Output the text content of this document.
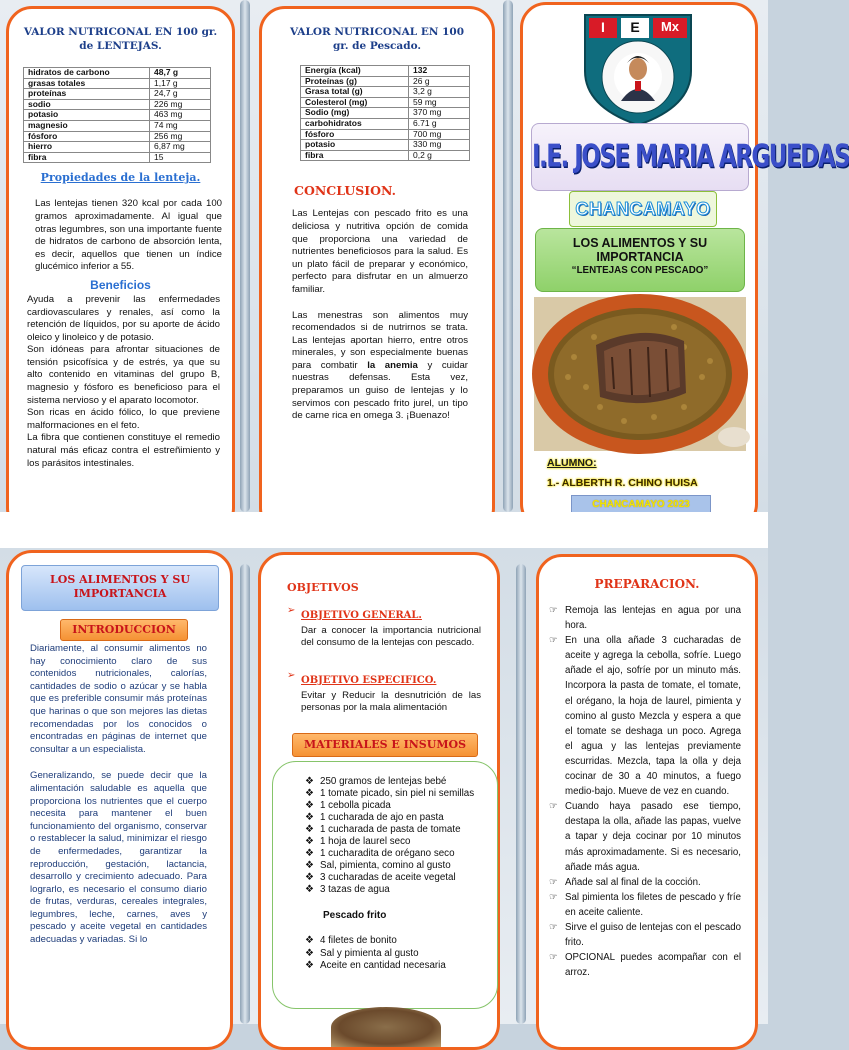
VALOR NUTRICONAL EN 100 gr.
de LENTEJAS.
hidratos de carbono	48,7 g
grasas totales	1,17 g
proteínas	24,7 g
sodio	226 mg
potasio	463 mg
magnesio	74 mg
fósforo	256 mg
hierro	6,87 mg
fibra	15
Propiedades de la lenteja.
Las lentejas tienen 320 kcal por cada 100 gramos aproximadamente. Al igual que otras legumbres, son una importante fuente de hidratos de carbono de absorción lenta, es decir, aquellos que tienen un índice glucémico inferior a 55.
Beneficios
Ayuda a prevenir las enfermedades cardiovasculares y renales, así como la retención de líquidos, por su aporte de ácido oleico y linoleico y de potasio.
Son idóneas para afrontar situaciones de tensión psicofísica y de estrés, ya que su alto contenido en vitaminas del grupo B, magnesio y fósforo es beneficioso para el sistema nervioso y el aparato locomotor.
Son ricas en ácido fólico, lo que previene malformaciones en el feto.
La fibra que contienen constituye el remedio natural más eficaz contra el estreñimiento y los parásitos intestinales.
VALOR NUTRICONAL EN 100
gr. de Pescado.
Energía (kcal)	132
Proteínas (g)	26 g
Grasa total (g)	3,2 g
Colesterol (mg)	59 mg
Sodio (mg)	370 mg
carbohidratos	6.71 g
fósforo	700 mg
potasio	330 mg
fibra	0,2 g
CONCLUSION.
Las Lentejas con pescado frito es una deliciosa y nutritiva opción de comida que proporciona una variedad de nutrientes beneficiosos para la salud. Es un plato fácil de preparar y económico, perfecto para disfrutar en un almuerzo familiar.
Las menestras son alimentos muy recomendados si de nutrirnos se trata. Las lentejas aportan hierro, entre otros minerales, y son especialmente buenas para combatir la anemia y cuidar nuestras defensas. Esta vez, preparamos un guiso de lentejas y lo servimos con pescado frito jurel, un tipo de carne rica en omega 3. ¡Buenazo!
I	E	Mx
I.E. JOSE MARIA ARGUEDAS
CHANCAMAYO
LOS ALIMENTOS Y SU
IMPORTANCIA
“LENTEJAS CON PESCADO”
ALUMNO:
1.- ALBERTH R. CHINO HUISA
CHANCAMAYO 2023
LOS ALIMENTOS Y SU
IMPORTANCIA
INTRODUCCION
Diariamente, al consumir alimentos no hay conocimiento claro de sus contenidos nutricionales, calorías, cantidades de sodio o azúcar y se habla que es preferible consumir más proteínas que harinas o que son mejores las dietas recomendadas por los conocidos o encontradas en páginas de internet que consultar a un especialista.
Generalizando, se puede decir que la alimentación saludable es aquella que proporciona los nutrientes que el cuerpo necesita para mantener el buen funcionamiento del organismo, conservar o restablecer la salud, minimizar el riesgo de enfermedades, garantizar la reproducción, gestación, lactancia, desarrollo y crecimiento adecuado. Para lograrlo, es necesario el consumo diario de frutas, verduras, cereales integrales, legumbres, leche, carnes, aves y pescado y aceite vegetal en cantidades adecuadas y variadas. Si lo
OBJETIVOS
➢ OBJETIVO GENERAL.
Dar a conocer la importancia nutricional del consumo de la lentejas con pescado.
➢ OBJETIVO ESPECIFICO.
Evitar y Reducir la desnutrición de las personas por la mala alimentación
MATERIALES E INSUMOS
❖ 250 gramos de lentejas bebé
❖ 1 tomate picado, sin piel ni semillas
❖ 1 cebolla picada
❖ 1 cucharada de ajo en pasta
❖ 1 cucharada de pasta de tomate
❖ 1 hoja de laurel seco
❖ 1 cucharadita de orégano seco
❖ Sal, pimienta, comino al gusto
❖ 3 cucharadas de aceite vegetal
❖ 3 tazas de agua
Pescado frito
❖ 4 filetes de bonito
❖ Sal y pimienta al gusto
❖ Aceite en cantidad necesaria
PREPARACION.
☞ Remoja las lentejas en agua por una hora.
☞ En una olla añade 3 cucharadas de aceite y agrega la cebolla, sofríe. Luego añade el ajo, sofríe por un minuto más. Incorpora la pasta de tomate, el tomate, el orégano, la hoja de laurel, pimienta y comino al gusto Mezcla y espera a que el tomate se deshaga un poco. Agrega el agua y las lentejas previamente escurridas. Mezcla, tapa la olla y deja cocinar de 30 a 40 minutos, a fuego medio-bajo. Mueve de vez en cuando.
☞ Cuando haya pasado ese tiempo, destapa la olla, añade las papas, vuelve a tapar y deja cocinar por 10 minutos más aproximadamente. Si es necesario, añade más agua.
☞ Añade sal al final de la cocción.
☞ Sal pimienta los filetes de pescado y fríe en aceite caliente.
☞ Sirve el guiso de lentejas con el pescado frito.
☞ OPCIONAL puedes acompañar con el arroz.
